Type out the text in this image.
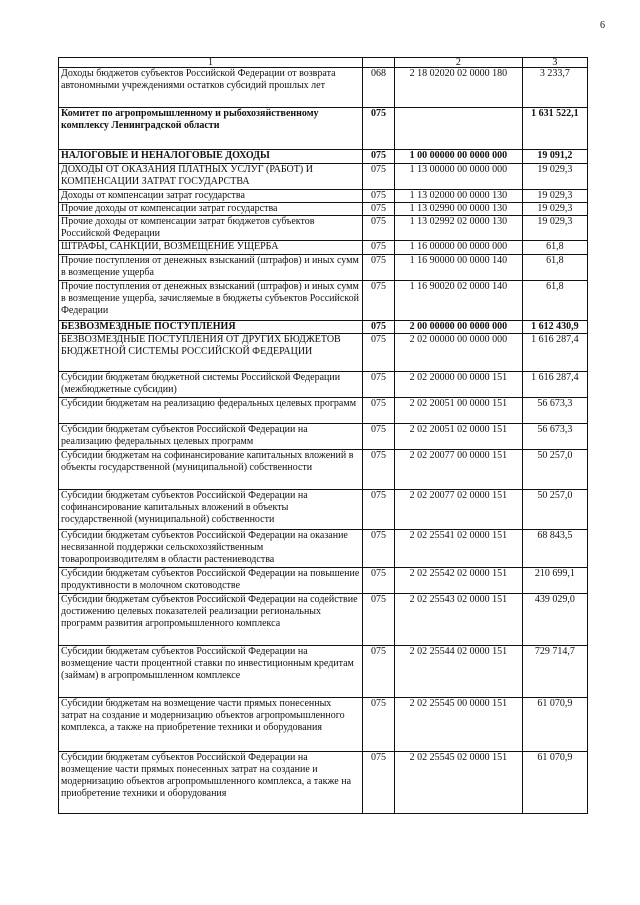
6
1		2	3
Доходы бюджетов субъектов Российской Федерации от возврата автономными учреждениями остатков субсидий прошлых лет	068	2 18 02020 02 0000 180	3 233,7
Комитет по агропромышленному и рыбохозяйственному комплексу Ленинградской области	075		1 631 522,1
НАЛОГОВЫЕ И НЕНАЛОГОВЫЕ ДОХОДЫ	075	1 00 00000 00 0000 000	19 091,2
ДОХОДЫ ОТ ОКАЗАНИЯ ПЛАТНЫХ УСЛУГ (РАБОТ) И КОМПЕНСАЦИИ ЗАТРАТ ГОСУДАРСТВА	075	1 13 00000 00 0000 000	19 029,3
Доходы от компенсации затрат государства	075	1 13 02000 00 0000 130	19 029,3
Прочие доходы от компенсации затрат государства	075	1 13 02990 00 0000 130	19 029,3
Прочие доходы от компенсации затрат бюджетов субъектов Российской Федерации	075	1 13 02992 02 0000 130	19 029,3
ШТРАФЫ, САНКЦИИ, ВОЗМЕЩЕНИЕ УЩЕРБА	075	1 16 00000 00 0000 000	61,8
Прочие поступления от денежных взысканий (штрафов) и иных сумм в возмещение ущерба	075	1 16 90000 00 0000 140	61,8
Прочие поступления от денежных взысканий (штрафов) и иных сумм в возмещение ущерба, зачисляемые в бюджеты субъектов Российской Федерации	075	1 16 90020 02 0000 140	61,8
БЕЗВОЗМЕЗДНЫЕ ПОСТУПЛЕНИЯ	075	2 00 00000 00 0000 000	1 612 430,9
БЕЗВОЗМЕЗДНЫЕ ПОСТУПЛЕНИЯ ОТ ДРУГИХ БЮДЖЕТОВ БЮДЖЕТНОЙ СИСТЕМЫ РОССИЙСКОЙ ФЕДЕРАЦИИ	075	2 02 00000 00 0000 000	1 616 287,4
Субсидии бюджетам бюджетной системы Российской Федерации (межбюджетные субсидии)	075	2 02 20000 00 0000 151	1 616 287,4
Субсидии бюджетам на реализацию федеральных целевых программ	075	2 02 20051 00 0000 151	56 673,3
Субсидии бюджетам субъектов Российской Федерации на реализацию федеральных целевых программ	075	2 02 20051 02 0000 151	56 673,3
Субсидии бюджетам на софинансирование капитальных вложений в объекты государственной (муниципальной) собственности	075	2 02 20077 00 0000 151	50 257,0
Субсидии бюджетам субъектов Российской Федерации на софинансирование капитальных вложений в объекты государственной (муниципальной) собственности	075	2 02 20077 02 0000 151	50 257,0
Субсидии бюджетам субъектов Российской Федерации на оказание несвязанной поддержки сельскохозяйственным товаропроизводителям в области растениеводства	075	2 02 25541 02 0000 151	68 843,5
Субсидии бюджетам субъектов Российской Федерации на повышение продуктивности в молочном скотоводстве	075	2 02 25542 02 0000 151	210 699,1
Субсидии бюджетам субъектов Российской Федерации на содействие достижению целевых показателей реализации региональных программ развития агропромышленного комплекса	075	2 02 25543 02 0000 151	439 029,0
Субсидии бюджетам субъектов Российской Федерации на возмещение части процентной ставки по инвестиционным кредитам (займам) в агропромышленном комплексе	075	2 02 25544 02 0000 151	729 714,7
Субсидии бюджетам на возмещение части прямых понесенных затрат на создание и модернизацию объектов агропромышленного комплекса, а также на приобретение техники и оборудования	075	2 02 25545 00 0000 151	61 070,9
Субсидии бюджетам субъектов Российской Федерации на возмещение части прямых понесенных затрат на создание и модернизацию объектов агропромышленного комплекса, а также на приобретение техники и оборудования	075	2 02 25545 02 0000 151	61 070,9
